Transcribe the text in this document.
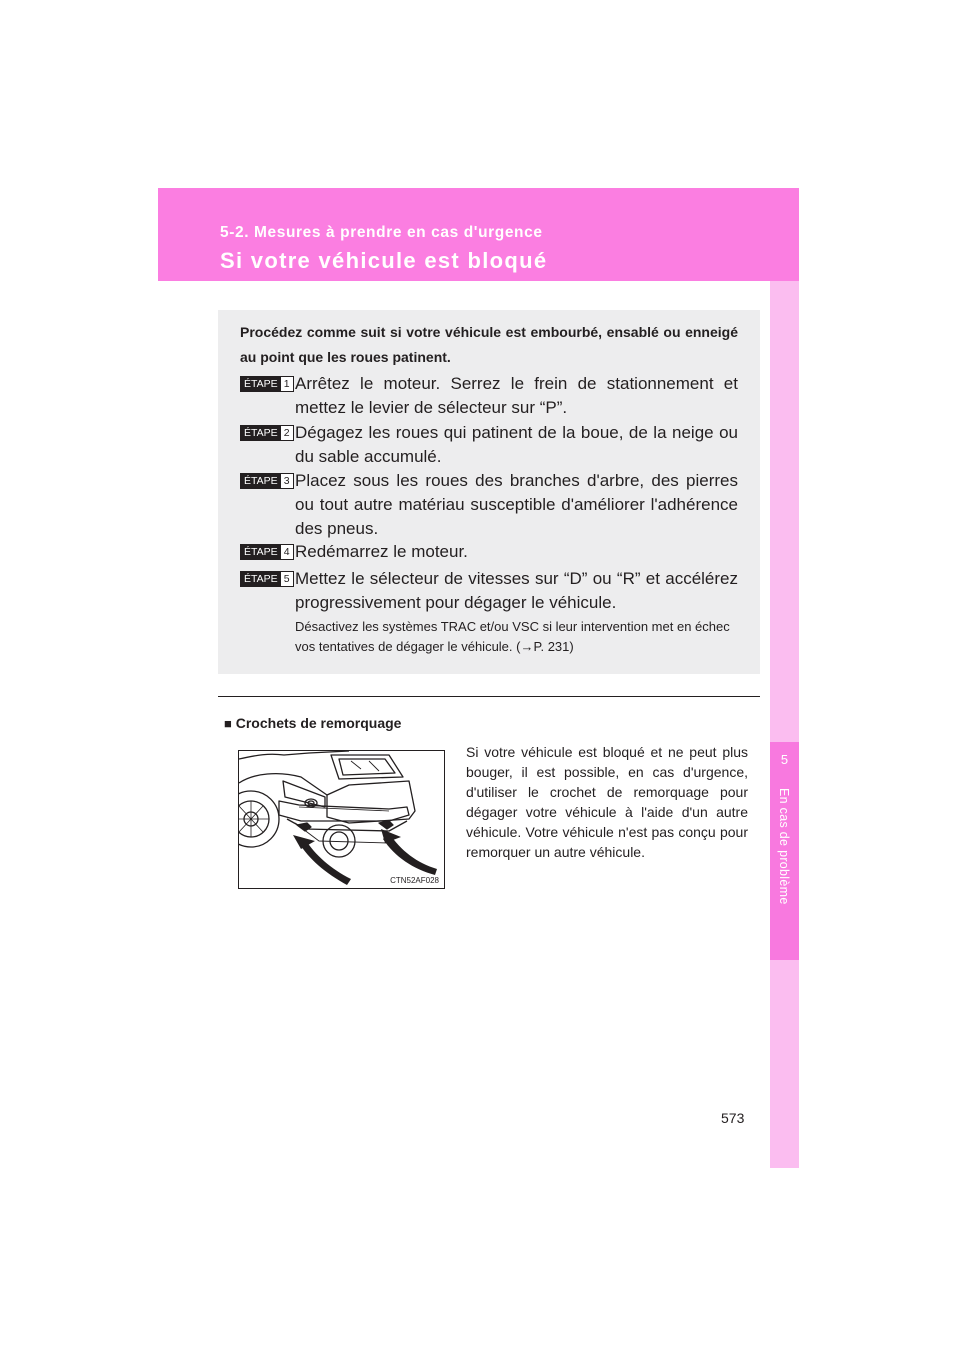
5-2. Mesures à prendre en cas d'urgence
Si votre véhicule est bloqué
5
En cas de problème
Procédez comme suit si votre véhicule est embourbé, ensablé ou enneigé au point que les roues patinent.
ÉTAPE 1 Arrêtez le moteur. Serrez le frein de stationnement et mettez le levier de sélecteur sur “P”.
ÉTAPE 2 Dégagez les roues qui patinent de la boue, de la neige ou du sable accumulé.
ÉTAPE 3 Placez sous les roues des branches d'arbre, des pierres ou tout autre matériau susceptible d'améliorer l'adhérence des pneus.
ÉTAPE 4 Redémarrez le moteur.
ÉTAPE 5 Mettez le sélecteur de vitesses sur “D” ou “R” et accélérez progressivement pour dégager le véhicule.
Désactivez les systèmes TRAC et/ou VSC si leur intervention met en échec vos tentatives de dégager le véhicule. (→P. 231)
■ Crochets de remorquage
CTN52AF028
Si votre véhicule est bloqué et ne peut plus bouger, il est possible, en cas d'urgence, d'utiliser le crochet de remorquage pour dégager votre véhicule à l'aide d'un autre véhicule. Votre véhicule n'est pas conçu pour remorquer un autre véhicule.
573
